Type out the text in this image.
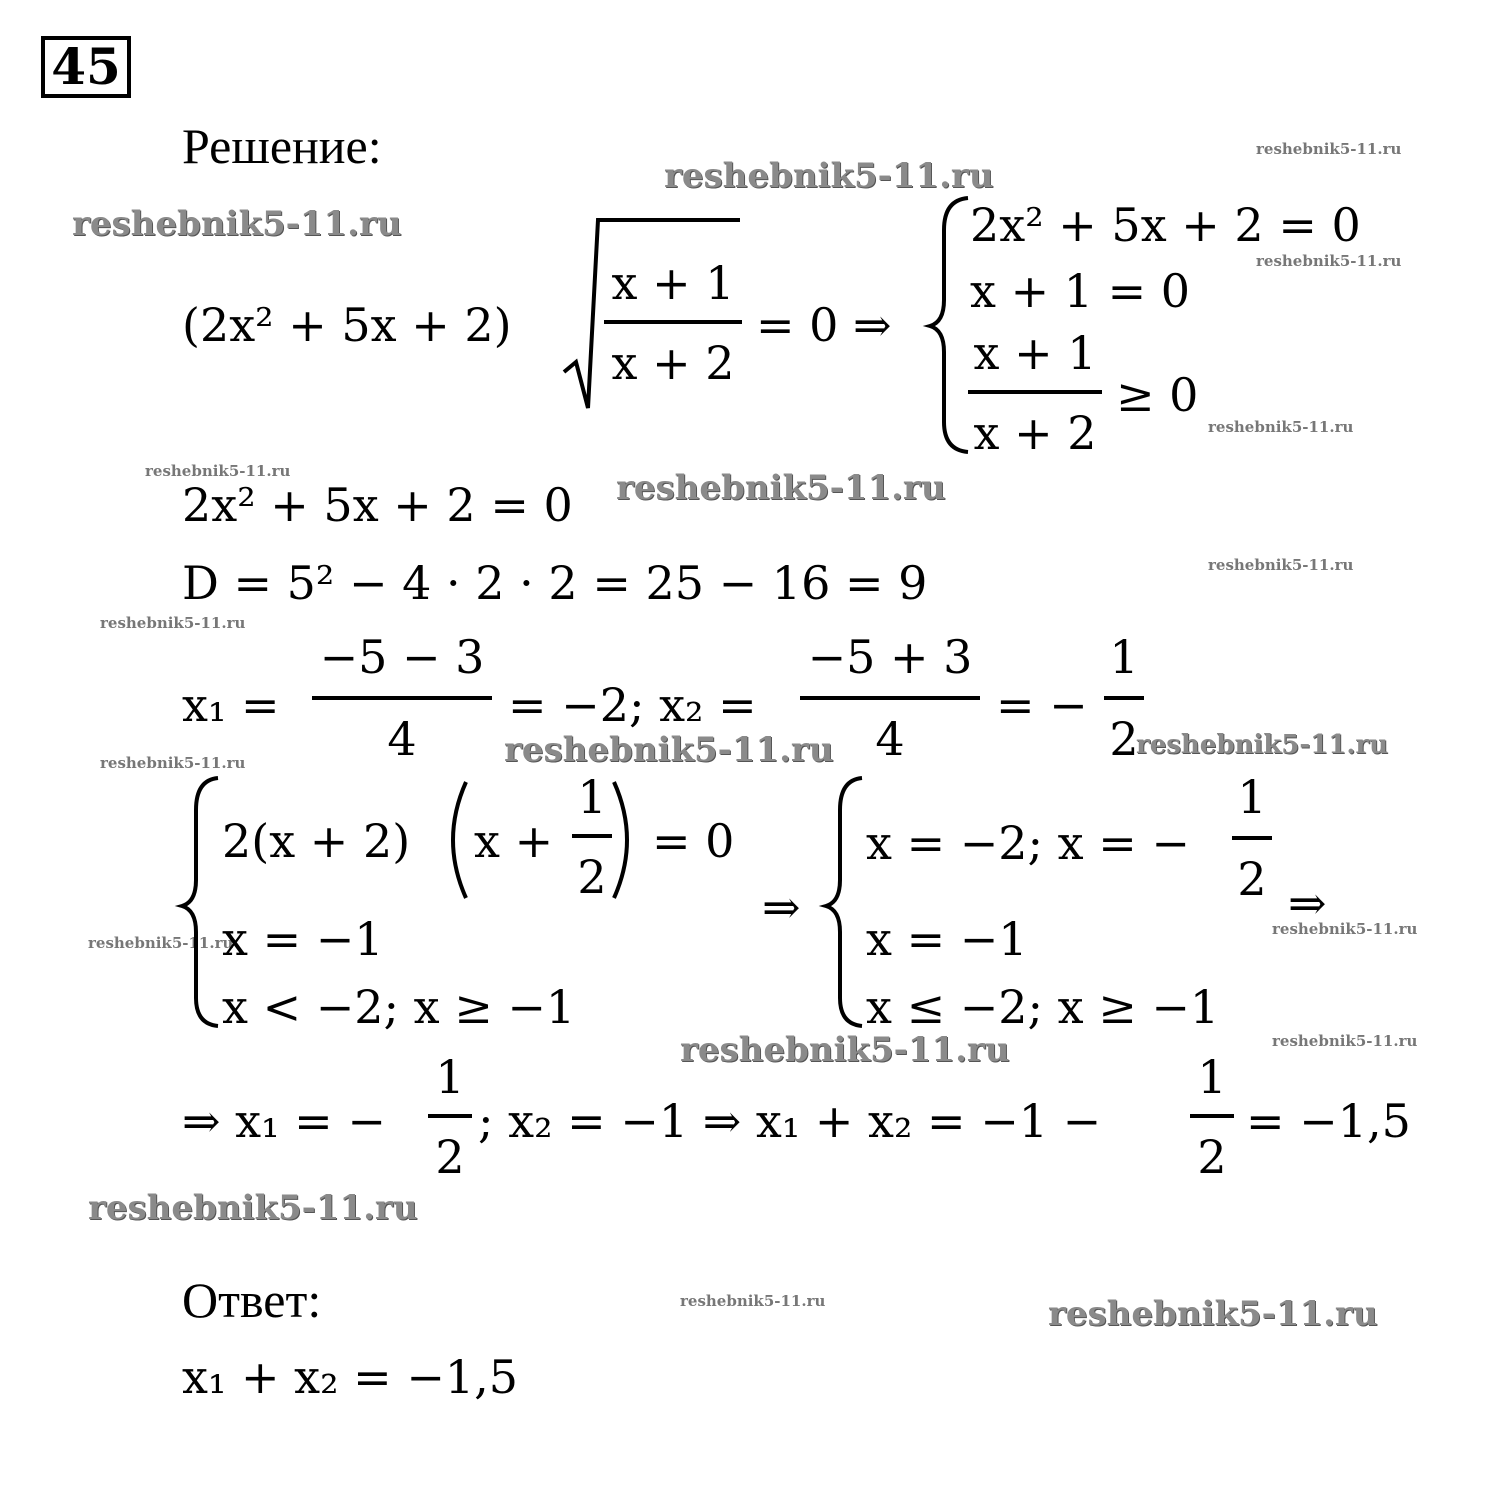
45
Решение:
reshebnik5-11.ru
reshebnik5-11.ru
reshebnik5-11.ru
reshebnik5-11.ru
reshebnik5-11.ru
reshebnik5-11.ru	reshebnik5-11.ru
reshebnik5-11.ru
reshebnik5-11.ru
reshebnik5-11.ru
reshebnik5-11.ru
reshebnik5-11.ru
reshebnik5-11.ru
reshebnik5-11.ru
reshebnik5-11.ru
reshebnik5-11.ru
reshebnik5-11.ru
reshebnik5-11.ru	reshebnik5-11.ru
(2x² + 5x + 2)
x + 1
x + 2
= 0 ⇒
2x² + 5x + 2 = 0
x + 1 = 0
x + 1
x + 2
≥ 0
2x² + 5x + 2 = 0
D = 5² − 4 · 2 · 2 = 25 − 16 = 9
x₁ =
−5 − 3
4
= −2; x₂ =
−5 + 3
4
= −
1
2
2(x + 2) x +
1
2
= 0
x = −1
x < −2; x ≥ −1
⇒
x = −2; x = −
1
2 ⇒
x = −1
x ≤ −2; x ≥ −1
⇒ x₁ = −
1
2
; x₂ = −1 ⇒ x₁ + x₂ = −1 −
1
2
= −1,5
Ответ:
x₁ + x₂ = −1,5
